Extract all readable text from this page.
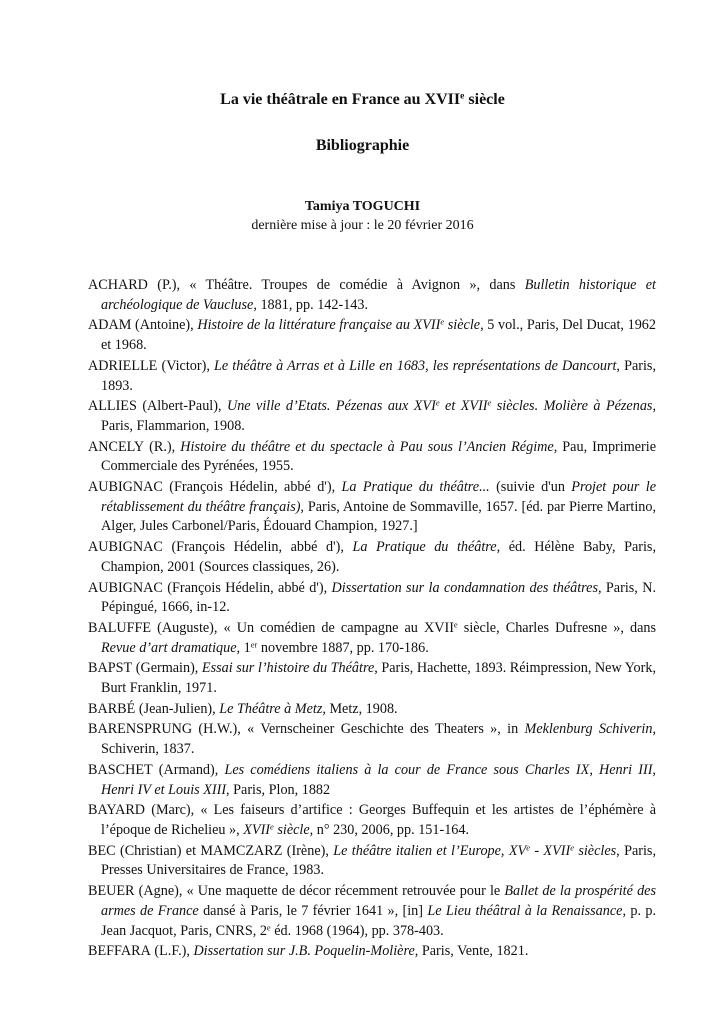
La vie théâtrale en France au XVIIe siècle
Bibliographie
Tamiya TOGUCHI
dernière mise à jour : le 20 février 2016
ACHARD (P.), « Théâtre. Troupes de comédie à Avignon », dans Bulletin historique et archéologique de Vaucluse, 1881, pp. 142-143.
ADAM (Antoine), Histoire de la littérature française au XVIIe siècle, 5 vol., Paris, Del Ducat, 1962 et 1968.
ADRIELLE (Victor), Le théâtre à Arras et à Lille en 1683, les représentations de Dancourt, Paris, 1893.
ALLIES (Albert-Paul), Une ville d’Etats. Pézenas aux XVIe et XVIIe siècles. Molière à Pézenas, Paris, Flammarion, 1908.
ANCELY (R.), Histoire du théâtre et du spectacle à Pau sous l’Ancien Régime, Pau, Imprimerie Commerciale des Pyrénées, 1955.
AUBIGNAC (François Hédelin, abbé d'), La Pratique du théâtre... (suivie d'un Projet pour le rétablissement du théâtre français), Paris, Antoine de Sommaville, 1657. [éd. par Pierre Martino, Alger, Jules Carbonel/Paris, Édouard Champion, 1927.]
AUBIGNAC (François Hédelin, abbé d'), La Pratique du théâtre, éd. Hélène Baby, Paris, Champion, 2001 (Sources classiques, 26).
AUBIGNAC (François Hédelin, abbé d'), Dissertation sur la condamnation des théâtres, Paris, N. Pépingué, 1666, in-12.
BALUFFE (Auguste), « Un comédien de campagne au XVIIe siècle, Charles Dufresne », dans Revue d’art dramatique, 1er novembre 1887, pp. 170-186.
BAPST (Germain), Essai sur l’histoire du Théâtre, Paris, Hachette, 1893. Réimpression, New York, Burt Franklin, 1971.
BARBÉ (Jean-Julien), Le Théâtre à Metz, Metz, 1908.
BARENSPRUNG (H.W.), « Vernscheiner Geschichte des Theaters », in Meklenburg Schiverin, Schiverin, 1837.
BASCHET (Armand), Les comédiens italiens à la cour de France sous Charles IX, Henri III, Henri IV et Louis XIII, Paris, Plon, 1882
BAYARD (Marc), « Les faiseurs d’artifice : Georges Buffequin et les artistes de l’éphémère à l’époque de Richelieu », XVIIe siècle, n° 230, 2006, pp. 151-164.
BEC (Christian) et MAMCZARZ (Irène), Le théâtre italien et l’Europe, XVe - XVIIe siècles, Paris, Presses Universitaires de France, 1983.
BEUER (Agne), « Une maquette de décor récemment retrouvée pour le Ballet de la prospérité des armes de France dansé à Paris, le 7 février 1641 », [in] Le Lieu théâtral à la Renaissance, p. p. Jean Jacquot, Paris, CNRS, 2e éd. 1968 (1964), pp. 378-403.
BEFFARA (L.F.), Dissertation sur J.B. Poquelin-Molière, Paris, Vente, 1821.
